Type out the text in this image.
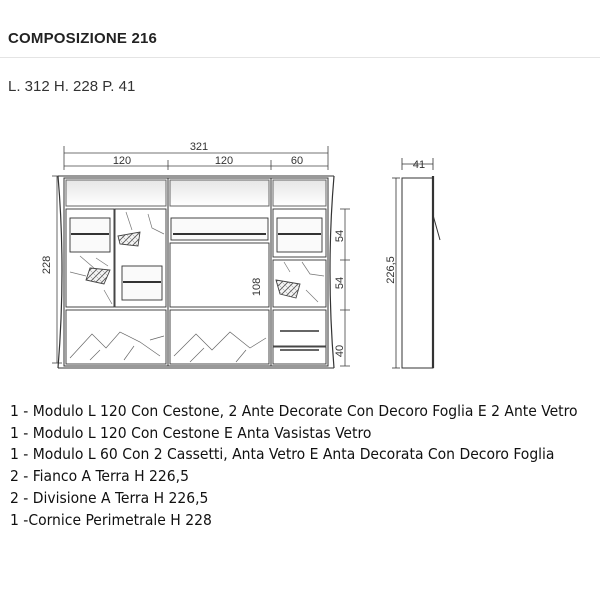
COMPOSIZIONE 216
L. 312 H. 228 P. 41
321
120	120	60
228
108
54
54
40
41
226,5
1 - Modulo L 120 Con Cestone, 2 Ante Decorate Con Decoro Foglia E 2 Ante Vetro
1 - Modulo L 120 Con Cestone E Anta Vasistas Vetro
1 - Modulo L 60 Con 2 Cassetti, Anta Vetro E Anta Decorata Con Decoro Foglia
2 - Fianco A Terra H 226,5
2 - Divisione A Terra H 226,5
1 -Cornice Perimetrale H 228
